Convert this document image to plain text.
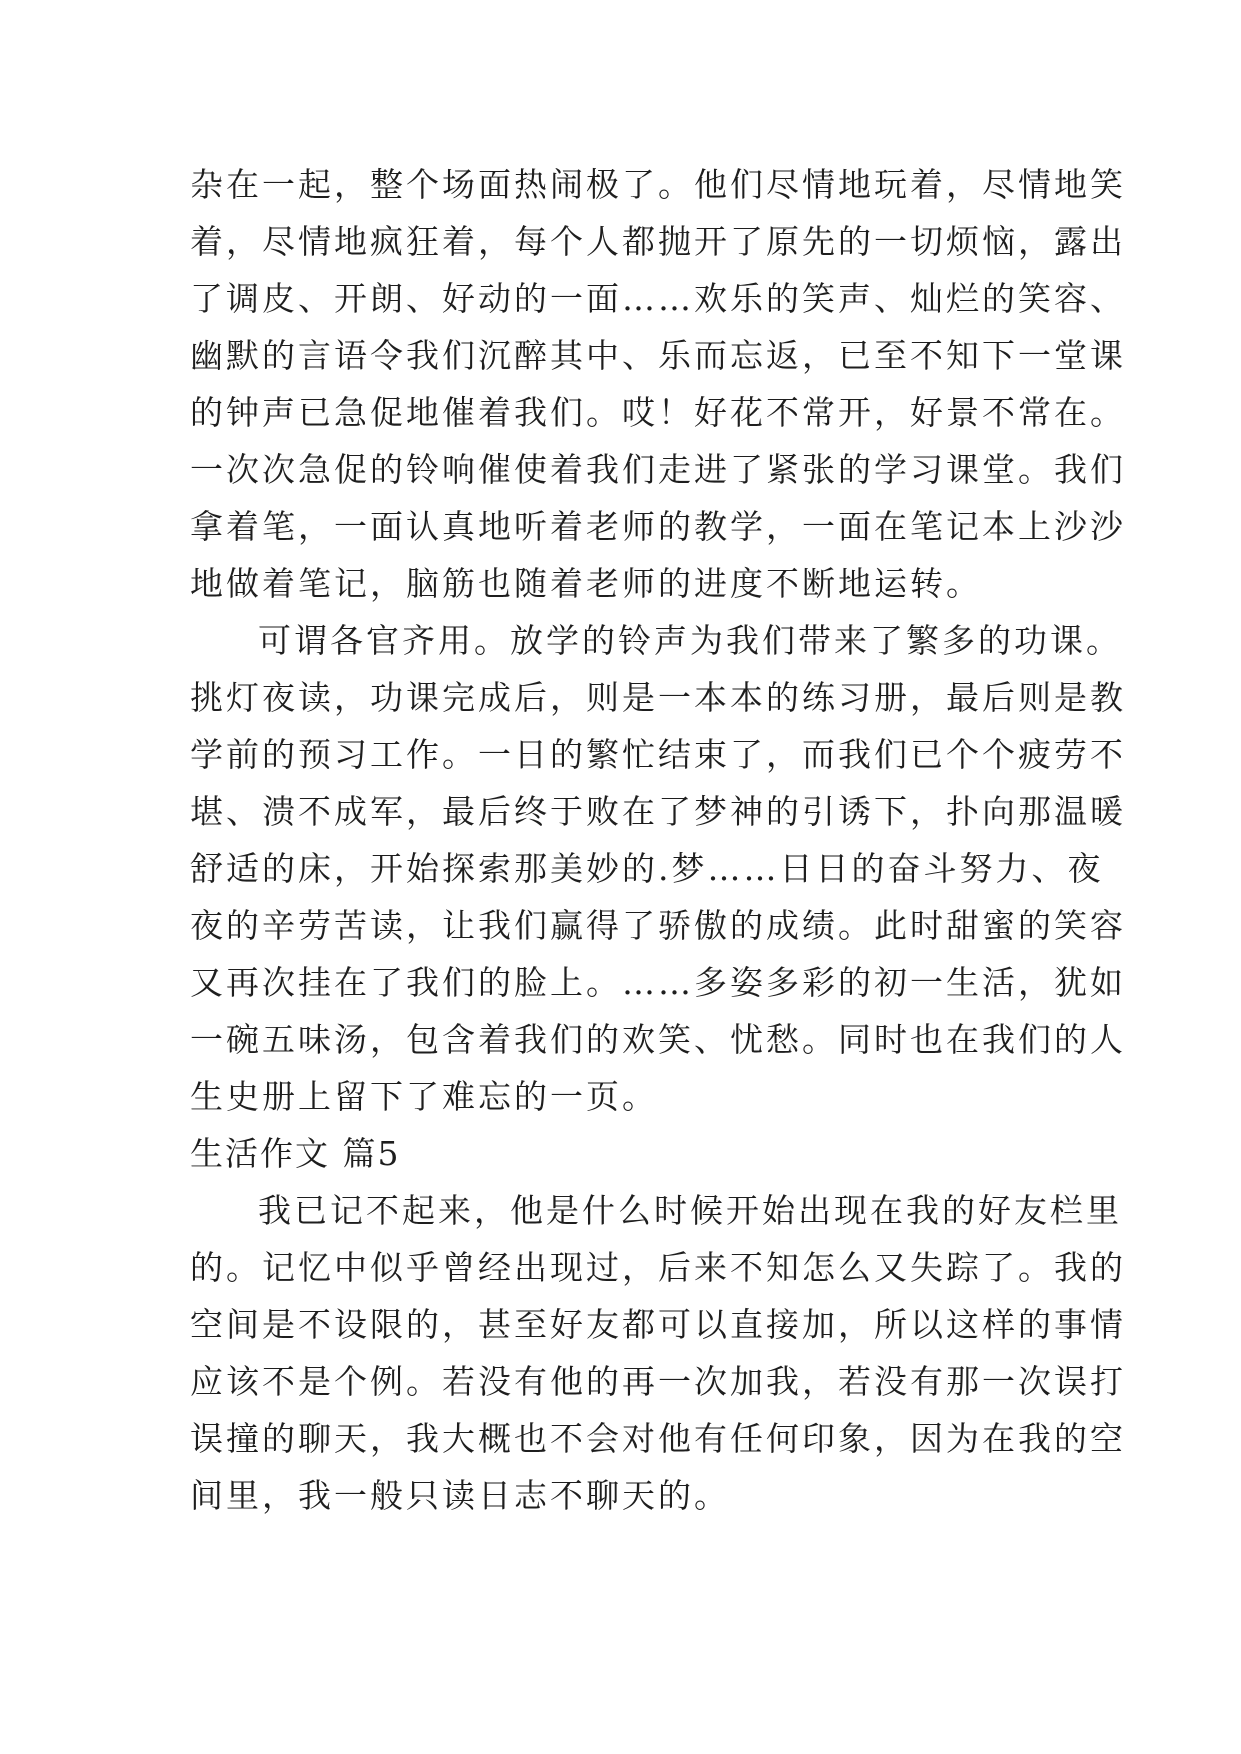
杂在一起，整个场面热闹极了。他们尽情地玩着，尽情地笑
着，尽情地疯狂着，每个人都抛开了原先的一切烦恼，露出
了调皮、开朗、好动的一面……欢乐的笑声、灿烂的笑容、
幽默的言语令我们沉醉其中、乐而忘返，已至不知下一堂课
的钟声已急促地催着我们。哎！好花不常开，好景不常在。
一次次急促的铃响催使着我们走进了紧张的学习课堂。我们
拿着笔，一面认真地听着老师的教学，一面在笔记本上沙沙
地做着笔记，脑筋也随着老师的进度不断地运转。
可谓各官齐用。放学的铃声为我们带来了繁多的功课。
挑灯夜读，功课完成后，则是一本本的练习册，最后则是教
学前的预习工作。一日的繁忙结束了，而我们已个个疲劳不
堪、溃不成军，最后终于败在了梦神的引诱下，扑向那温暖
舒适的床，开始探索那美妙的.梦……日日的奋斗努力、夜
夜的辛劳苦读，让我们赢得了骄傲的成绩。此时甜蜜的笑容
又再次挂在了我们的脸上。……多姿多彩的初一生活，犹如
一碗五味汤，包含着我们的欢笑、忧愁。同时也在我们的人
生史册上留下了难忘的一页。
生活作文 篇5
我已记不起来，他是什么时候开始出现在我的好友栏里
的。记忆中似乎曾经出现过，后来不知怎么又失踪了。我的
空间是不设限的，甚至好友都可以直接加，所以这样的事情
应该不是个例。若没有他的再一次加我，若没有那一次误打
误撞的聊天，我大概也不会对他有任何印象，因为在我的空
间里，我一般只读日志不聊天的。
